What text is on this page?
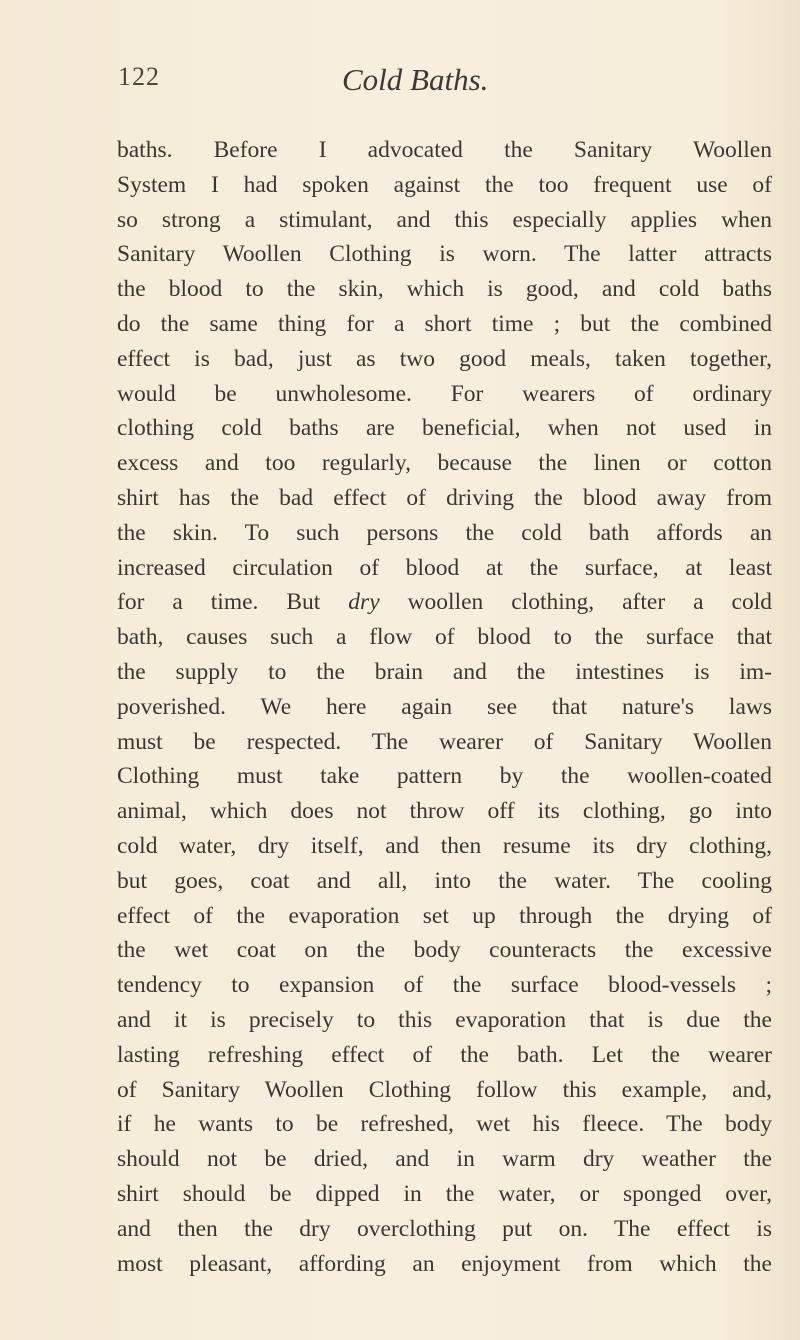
122	Cold Baths.
baths. Before I advocated the Sanitary Woollen
System I had spoken against the too frequent use of
so strong a stimulant, and this especially applies when
Sanitary Woollen Clothing is worn. The latter attracts
the blood to the skin, which is good, and cold baths
do the same thing for a short time ; but the combined
effect is bad, just as two good meals, taken together,
would be unwholesome. For wearers of ordinary
clothing cold baths are beneficial, when not used in
excess and too regularly, because the linen or cotton
shirt has the bad effect of driving the blood away from
the skin. To such persons the cold bath affords an
increased circulation of blood at the surface, at least
for a time. But dry woollen clothing, after a cold
bath, causes such a flow of blood to the surface that
the supply to the brain and the intestines is im-
poverished. We here again see that nature's laws
must be respected. The wearer of Sanitary Woollen
Clothing must take pattern by the woollen-coated
animal, which does not throw off its clothing, go into
cold water, dry itself, and then resume its dry clothing,
but goes, coat and all, into the water. The cooling
effect of the evaporation set up through the drying of
the wet coat on the body counteracts the excessive
tendency to expansion of the surface blood-vessels ;
and it is precisely to this evaporation that is due the
lasting refreshing effect of the bath. Let the wearer
of Sanitary Woollen Clothing follow this example, and,
if he wants to be refreshed, wet his fleece. The body
should not be dried, and in warm dry weather the
shirt should be dipped in the water, or sponged over,
and then the dry overclothing put on. The effect is
most pleasant, affording an enjoyment from which the
